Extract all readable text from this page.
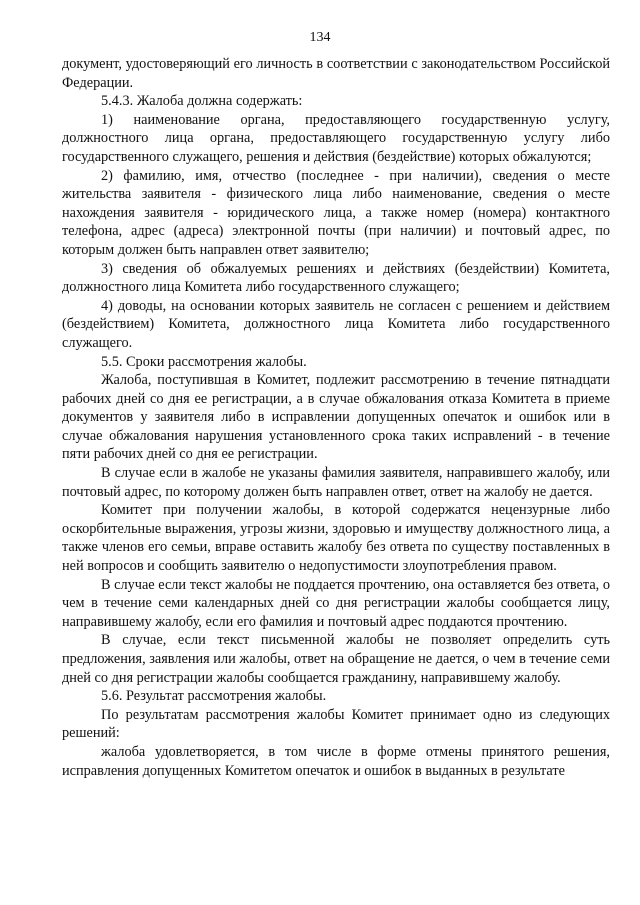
134

документ, удостоверяющий его личность в соответствии с законодательством Российской Федерации.

5.4.3. Жалоба должна содержать:

1) наименование органа, предоставляющего государственную услугу, должностного лица органа, предоставляющего государственную услугу либо государственного служащего, решения и действия (бездействие) которых обжалуются;

2) фамилию, имя, отчество (последнее - при наличии), сведения о месте жительства заявителя - физического лица либо наименование, сведения о месте нахождения заявителя - юридического лица, а также номер (номера) контактного телефона, адрес (адреса) электронной почты (при наличии) и почтовый адрес, по которым должен быть направлен ответ заявителю;

3) сведения об обжалуемых решениях и действиях (бездействии) Комитета, должностного лица Комитета либо государственного служащего;

4) доводы, на основании которых заявитель не согласен с решением и действием (бездействием) Комитета, должностного лица Комитета либо государственного служащего.

5.5. Сроки рассмотрения жалобы.

Жалоба, поступившая в Комитет, подлежит рассмотрению в течение пятнадцати рабочих дней со дня ее регистрации, а в случае обжалования отказа Комитета в приеме документов у заявителя либо в исправлении допущенных опечаток и ошибок или в случае обжалования нарушения установленного срока таких исправлений - в течение пяти рабочих дней со дня ее регистрации.

В случае если в жалобе не указаны фамилия заявителя, направившего жалобу, или почтовый адрес, по которому должен быть направлен ответ, ответ на жалобу не дается.

Комитет при получении жалобы, в которой содержатся нецензурные либо оскорбительные выражения, угрозы жизни, здоровью и имуществу должностного лица, а также членов его семьи, вправе оставить жалобу без ответа по существу поставленных в ней вопросов и сообщить заявителю о недопустимости злоупотребления правом.

В случае если текст жалобы не поддается прочтению, она оставляется без ответа, о чем в течение семи календарных дней со дня регистрации жалобы сообщается лицу, направившему жалобу, если его фамилия и почтовый адрес поддаются прочтению.

В случае, если текст письменной жалобы не позволяет определить суть предложения, заявления или жалобы, ответ на обращение не дается, о чем в течение семи дней со дня регистрации жалобы сообщается гражданину, направившему жалобу.

5.6. Результат рассмотрения жалобы.

По результатам рассмотрения жалобы Комитет принимает одно из следующих решений:

жалоба удовлетворяется, в том числе в форме отмены принятого решения, исправления допущенных Комитетом опечаток и ошибок в выданных в результате
